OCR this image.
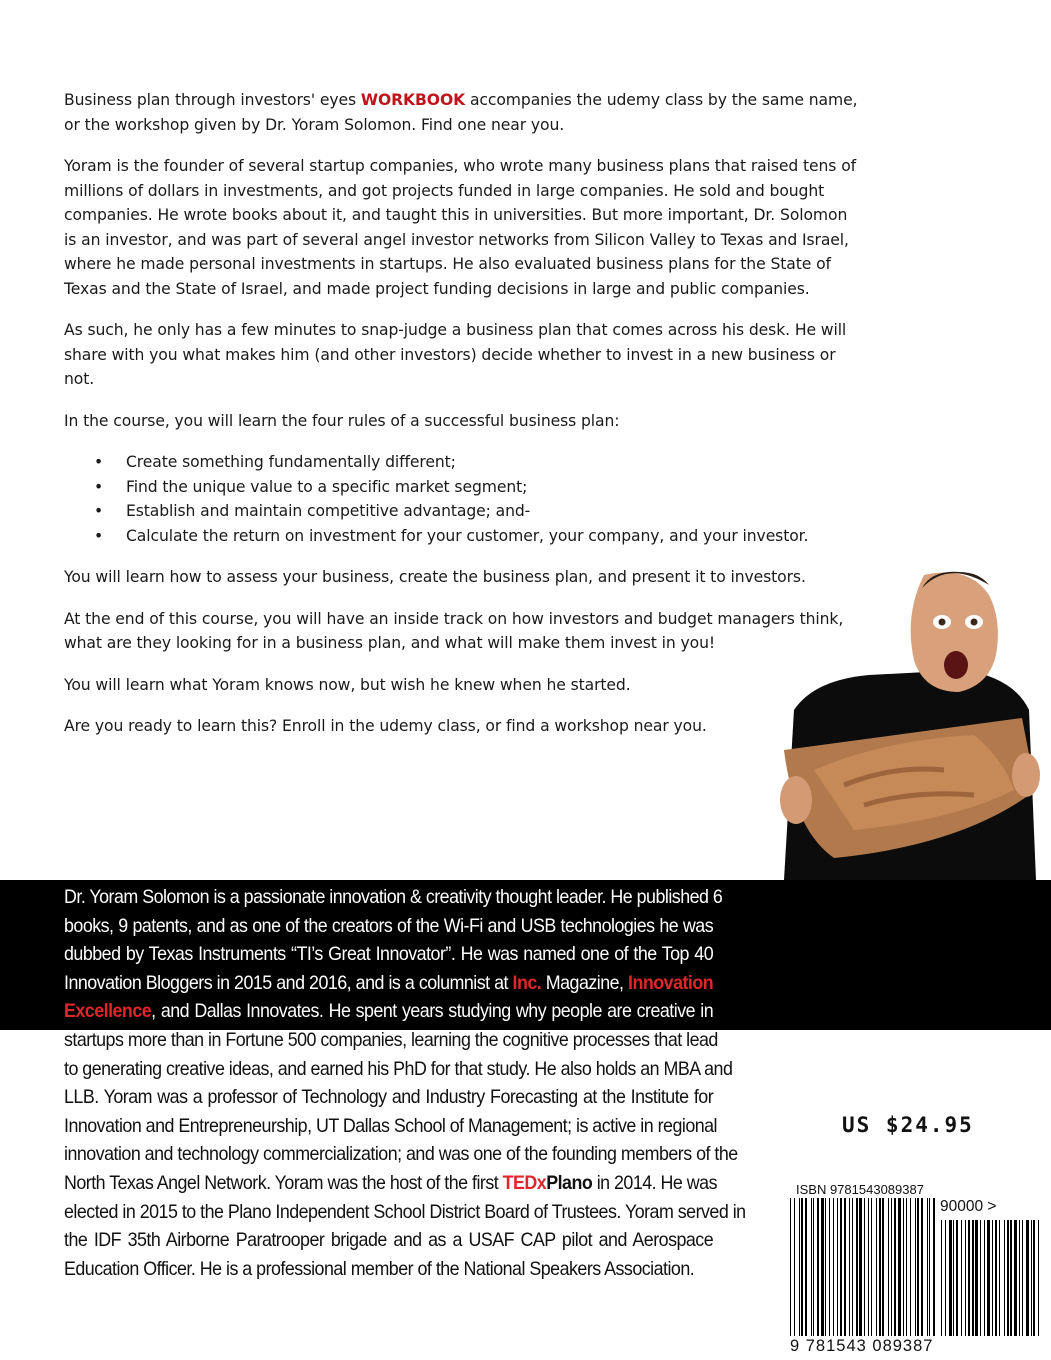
Business plan through investors' eyes WORKBOOK accompanies the udemy class by the same name, or the workshop given by Dr. Yoram Solomon. Find one near you.

Yoram is the founder of several startup companies, who wrote many business plans that raised tens of millions of dollars in investments, and got projects funded in large companies. He sold and bought companies. He wrote books about it, and taught this in universities. But more important, Dr. Solomon is an investor, and was part of several angel investor networks from Silicon Valley to Texas and Israel, where he made personal investments in startups. He also evaluated business plans for the State of Texas and the State of Israel, and made project funding decisions in large and public companies.

As such, he only has a few minutes to snap-judge a business plan that comes across his desk. He will share with you what makes him (and other investors) decide whether to invest in a new business or not.

In the course, you will learn the four rules of a successful business plan:

• Create something fundamentally different;
• Find the unique value to a specific market segment;
• Establish and maintain competitive advantage; and-
• Calculate the return on investment for your customer, your company, and your investor.

You will learn how to assess your business, create the business plan, and present it to investors.

At the end of this course, you will have an inside track on how investors and budget managers think, what are they looking for in a business plan, and what will make them invest in you!

You will learn what Yoram knows now, but wish he knew when he started.

Are you ready to learn this? Enroll in the udemy class, or find a workshop near you.

Dr. Yoram Solomon is a passionate innovation & creativity thought leader. He published 6
books, 9 patents, and as one of the creators of the Wi-Fi and USB technologies he was
dubbed by Texas Instruments “TI’s Great Innovator”. He was named one of the Top 40
Innovation Bloggers in 2015 and 2016, and is a columnist at Inc. Magazine, Innovation
Excellence, and Dallas Innovates. He spent years studying why people are creative in
startups more than in Fortune 500 companies, learning the cognitive processes that lead
to generating creative ideas, and earned his PhD for that study. He also holds an MBA and
LLB. Yoram was a professor of Technology and Industry Forecasting at the Institute for
Innovation and Entrepreneurship, UT Dallas School of Management; is active in regional
innovation and technology commercialization; and was one of the founding members of the
North Texas Angel Network. Yoram was the host of the first TEDxPlano in 2014. He was
elected in 2015 to the Plano Independent School District Board of Trustees. Yoram served in
the IDF 35th Airborne Paratrooper brigade and as a USAF CAP pilot and Aerospace
Education Officer. He is a professional member of the National Speakers Association.
US $24.95
ISBN 9781543089387
90000 >
9 781543 089387
